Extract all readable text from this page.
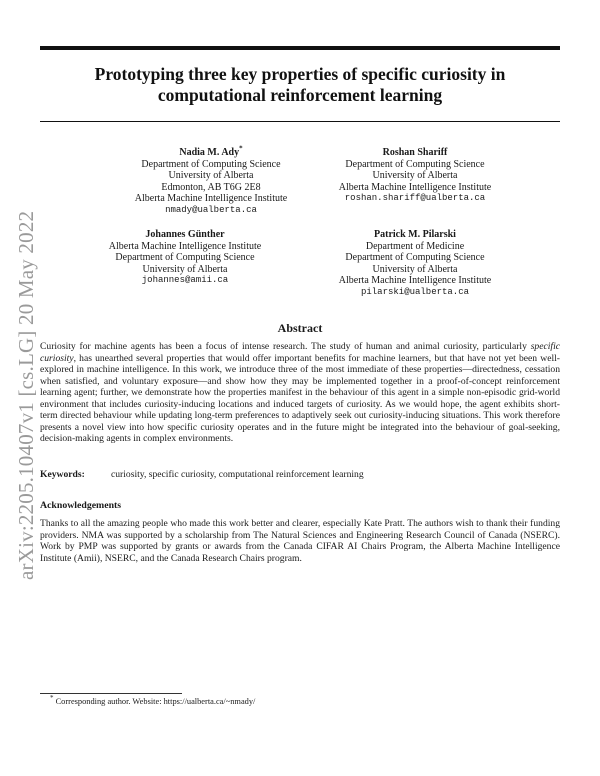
Prototyping three key properties of specific curiosity in
computational reinforcement learning
arXiv:2205.10407v1 [cs.LG] 20 May 2022
Nadia M. Ady*
Department of Computing Science
University of Alberta
Edmonton, AB T6G 2E8
Alberta Machine Intelligence Institute
nmady@ualberta.ca
Roshan Shariff
Department of Computing Science
University of Alberta
Alberta Machine Intelligence Institute
roshan.shariff@ualberta.ca
Johannes Günther
Alberta Machine Intelligence Institute
Department of Computing Science
University of Alberta
johannes@amii.ca
Patrick M. Pilarski
Department of Medicine
Department of Computing Science
University of Alberta
Alberta Machine Intelligence Institute
pilarski@ualberta.ca
Abstract
Curiosity for machine agents has been a focus of intense research. The study of human and animal curiosity, particularly specific curiosity, has unearthed several properties that would offer important benefits for machine learners, but that have not yet been well-explored in machine intelligence. In this work, we introduce three of the most immediate of these properties—directedness, cessation when satisfied, and voluntary exposure—and show how they may be implemented together in a proof-of-concept reinforcement learning agent; further, we demonstrate how the properties manifest in the behaviour of this agent in a simple non-episodic grid-world environment that includes curiosity-inducing locations and induced targets of curiosity. As we would hope, the agent exhibits short-term directed behaviour while updating long-term preferences to adaptively seek out curiosity-inducing situations. This work therefore presents a novel view into how specific curiosity operates and in the future might be integrated into the behaviour of goal-seeking, decision-making agents in complex environments.
Keywords:	curiosity, specific curiosity, computational reinforcement learning
Acknowledgements
Thanks to all the amazing people who made this work better and clearer, especially Kate Pratt. The authors wish to thank their funding providers. NMA was supported by a scholarship from The Natural Sciences and Engineering Research Council of Canada (NSERC). Work by PMP was supported by grants or awards from the Canada CIFAR AI Chairs Program, the Alberta Machine Intelligence Institute (Amii), NSERC, and the Canada Research Chairs program.
* Corresponding author. Website: https://ualberta.ca/~nmady/
